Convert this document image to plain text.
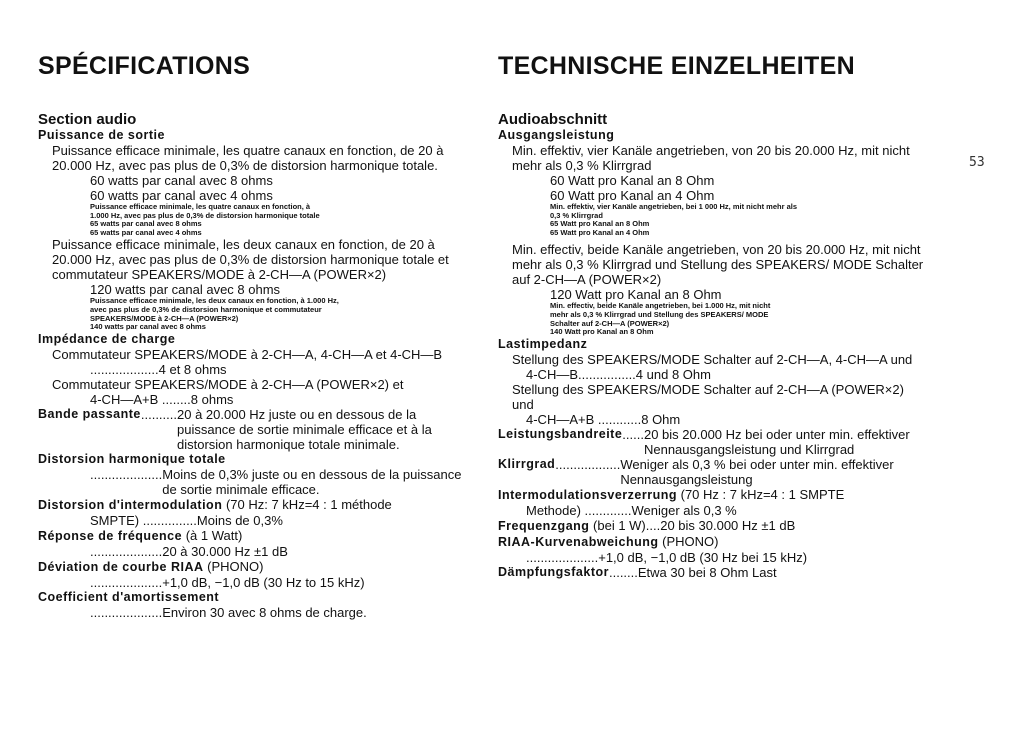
SPÉCIFICATIONS
Section audio
Puissance de sortie
Puissance efficace minimale, les quatre canaux en fonction, de 20 à 20.000 Hz, avec pas plus de 0,3% de distorsion harmonique totale.
60 watts par canal avec 8 ohms
60 watts par canal avec 4 ohms
Puissance efficace minimale, les quatre canaux en fonction, à 1.000 Hz, avec pas plus de 0,3% de distorsion harmonique totale
65 watts par canal avec 8 ohms
65 watts par canal avec 4 ohms
Puissance efficace minimale, les deux canaux en fonction, de 20 à 20.000 Hz, avec pas plus de 0,3% de distorsion harmonique totale et commutateur SPEAKERS/MODE à 2-CH—A (POWER×2)
120 watts par canal avec 8 ohms
Puissance efficace minimale, les deux canaux en fonction, à 1.000 Hz, avec pas plus de 0,3% de distorsion harmonique et commutateur SPEAKERS/MODE à 2-CH—A (POWER×2)
140 watts par canal avec 8 ohms
Impédance de charge
Commutateur SPEAKERS/MODE à 2-CH—A, 4-CH—A et 4-CH—B
...................4 et 8 ohms
Commutateur SPEAKERS/MODE à 2-CH—A (POWER×2) et
4-CH—A+B ........8 ohms
Bande passante .......... 20 à 20.000 Hz juste ou en dessous de la puissance de sortie minimale efficace et à la distorsion harmonique totale minimale.
Distorsion harmonique totale
.................... Moins de 0,3% juste ou en dessous de la puissance de sortie minimale efficace.
Distorsion d'intermodulation (70 Hz: 7 kHz=4 : 1 méthode
SMPTE) ...............Moins de 0,3%
Réponse de fréquence (à 1 Watt)
....................20 à 30.000 Hz ±1 dB
Déviation de courbe RIAA (PHONO)
....................+1,0 dB, −1,0 dB (30 Hz to 15 kHz)
Coefficient d'amortissement
....................Environ 30 avec 8 ohms de charge.
TECHNISCHE EINZELHEITEN
Audioabschnitt
Ausgangsleistung
Min. effektiv, vier Kanäle angetrieben, von 20 bis 20.000 Hz, mit nicht mehr als 0,3 % Klirrgrad
60 Watt pro Kanal an 8 Ohm
60 Watt pro Kanal an 4 Ohm
Min. effektiv, vier Kanäle angetrieben, bei 1 000 Hz, mit nicht mehr als 0,3 % Klirrgrad
65 Watt pro Kanal an 8 Ohm
65 Watt pro Kanal an 4 Ohm
Min. effectiv, beide Kanäle angetrieben, von 20 bis 20.000 Hz, mit nicht mehr als 0,3 % Klirrgrad und Stellung des SPEAKERS/ MODE Schalter auf 2-CH—A (POWER×2)
120 Watt pro Kanal an 8 Ohm
Min. effectiv, beide Kanäle angetrieben, bei 1.000 Hz, mit nicht mehr als 0,3 % Klirrgrad und Stellung des SPEAKERS/ MODE Schalter auf 2-CH—A (POWER×2)
140 Watt pro Kanal an 8 Ohm
Lastimpedanz
Stellung des SPEAKERS/MODE Schalter auf 2-CH—A, 4-CH—A und
4-CH—B................4 und 8 Ohm
Stellung des SPEAKERS/MODE Schalter auf 2-CH—A (POWER×2)
und
4-CH—A+B ............8 Ohm
Leistungsbandreite ...... 20 bis 20.000 Hz bei oder unter min. effektiver Nennausgangsleistung und Klirrgrad
Klirrgrad .................. Weniger als 0,3 % bei oder unter min. effektiver Nennausgangsleistung
Intermodulationsverzerrung (70 Hz : 7 kHz=4 : 1 SMPTE
Methode) .............Weniger als 0,3 %
Frequenzgang (bei 1 W)....20 bis 30.000 Hz ±1 dB
RIAA-Kurvenabweichung (PHONO)
....................+1,0 dB, −1,0 dB (30 Hz bei 15 kHz)
Dämpfungsfaktor ........ Etwa 30 bei 8 Ohm Last
53
